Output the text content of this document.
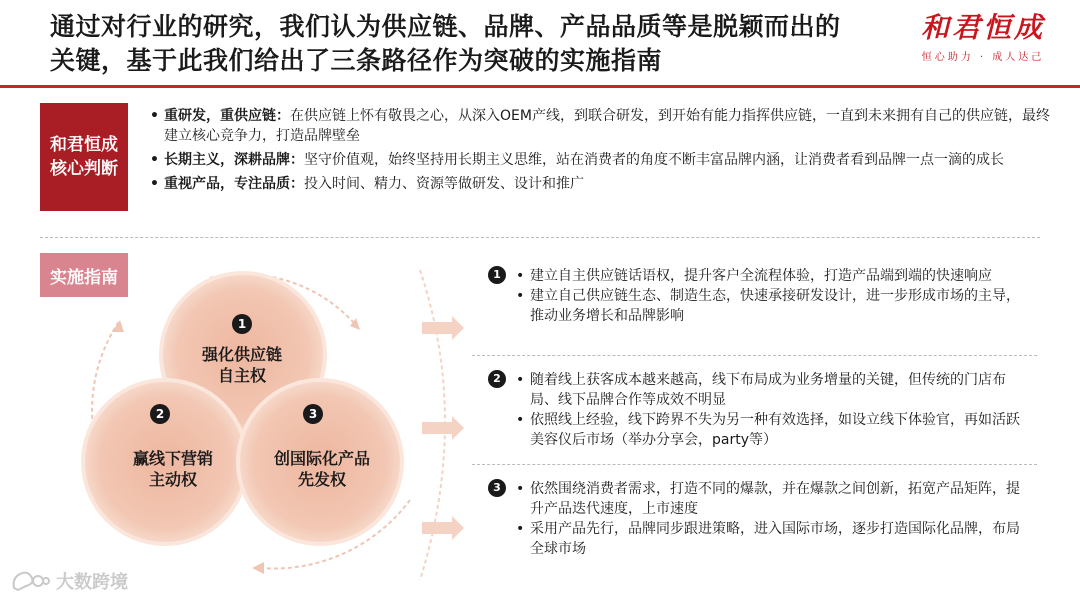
通过对行业的研究，我们认为供应链、品牌、产品品质等是脱颖而出的
关键，基于此我们给出了三条路径作为突破的实施指南
和君恒成
恒心助力 · 成人达己
和君恒成
核心判断
• 重研发，重供应链：在供应链上怀有敬畏之心，从深入OEM产线，到联合研发，到开始有能力指挥供应链，一直到未来拥有自己的供应链，最终建立核心竞争力，打造品牌壁垒
• 长期主义，深耕品牌：坚守价值观，始终坚持用长期主义思维，站在消费者的角度不断丰富品牌内涵，让消费者看到品牌一点一滴的成长
• 重视产品，专注品质：投入时间、精力、资源等做研发、设计和推广
实施指南
1
2	3
强化供应链
自主权
赢线下营销
主动权
创国际化产品
先发权
1	• 建立自主供应链话语权，提升客户全流程体验，打造产品端到端的快速响应
• 建立自己供应链生态、制造生态，快速承接研发设计，进一步形成市场的主导，推动业务增长和品牌影响
2	• 随着线上获客成本越来越高，线下布局成为业务增量的关键，但传统的门店布局、线下品牌合作等成效不明显
• 依照线上经验，线下跨界不失为另一种有效选择，如设立线下体验官，再如活跃美容仪后市场（举办分享会，party等）
3	• 依然围绕消费者需求，打造不同的爆款，并在爆款之间创新，拓宽产品矩阵，提升产品迭代速度，上市速度
• 采用产品先行，品牌同步跟进策略，进入国际市场，逐步打造国际化品牌，布局全球市场
大数跨境
